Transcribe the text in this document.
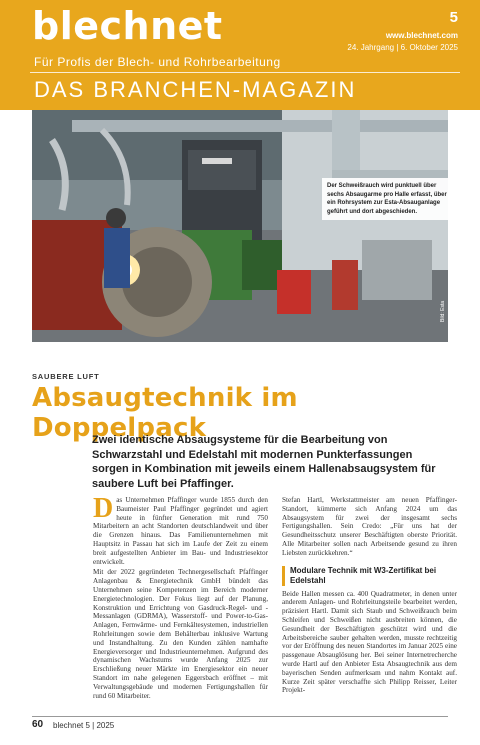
blechnet
Für Profis der Blech- und Rohrbearbeitung
DAS BRANCHEN-MAGAZIN
5
www.blechnet.com
24. Jahrgang | 6. Oktober 2025
Der Schweißrauch wird punktuell über sechs Absaugarme pro Halle erfasst, über ein Rohrsystem zur Esta-Absauganlage geführt und dort abgeschieden.
Bild: Esta
SAUBERE LUFT
Absaugtechnik im Doppelpack
Zwei identische Absaugsysteme für die Bearbeitung von Schwarzstahl und Edelstahl mit modernen Punkterfassungen sorgen in Kombination mit jeweils einem Hallenabsaugsystem für saubere Luft bei Pfaffinger.

Das Unternehmen Pfaffinger wurde 1855 durch den Baumeister Paul Pfaffinger gegründet und agiert heute in fünfter Generation mit rund 750 Mitarbeitern an acht Standorten deutschlandweit und über die Grenzen hinaus. Das Familienunternehmen mit Hauptsitz in Passau hat sich im Laufe der Zeit zu einem breit aufgestellten Anbieter im Bau- und Industriesektor entwickelt.

Mit der 2022 gegründeten Technergesellschaft Pfaffinger Anlagenbau & Energietechnik GmbH bündelt das Unternehmen seine Kompetenzen im Bereich moderner Energietechnologien. Der Fokus liegt auf der Planung, Konstruktion und Errichtung von Gasdruck-Regel- und -Messanlagen (GDRMA), Wasserstoff- und Power-to-Gas-Anlagen, Fernwärme- und Fernkältesystemen, industriellen Rohrleitungen sowie dem Behälterbau inklusive Wartung und Instandhaltung. Zu den Kunden zählen namhafte Energieversorger und Industrieunternehmen. Aufgrund des dynamischen Wachstums wurde Anfang 2025 zur Erschließung neuer Märkte im Energiesektor ein neuer Standort im nahe gelegenen Eggersbach eröffnet – mit Verwaltungsgebäude und modernen Fertigungshallen für rund 60 Mitarbeiter.

Stefan Hartl, Werkstattmeister am neuen Pfaffinger-Standort, kümmerte sich Anfang 2024 um das Absaugsystem für zwei der insgesamt sechs Fertigungshallen. Sein Credo: „Für uns hat der Gesundheitsschutz unserer Beschäftigten oberste Priorität. Alle Mitarbeiter sollen nach Arbeitsende gesund zu ihren Liebsten zurückkehren.“

Modulare Technik mit W3-Zertifikat bei Edelstahl

Beide Hallen messen ca. 400 Quadratmeter, in denen unter anderem Anlagen- und Rohrleitungsteile bearbeitet werden, präzisiert Hartl. Damit sich Staub und Schweißrauch beim Schleifen und Schweißen nicht ausbreiten können, die Gesundheit der Beschäftigten geschützt wird und die Arbeitsbereiche sauber gehalten werden, musste rechtzeitig vor der Eröffnung des neuen Standortes im Januar 2025 eine passgenaue Absauglösung her. Bei seiner Internetrecherche wurde Hartl auf den Anbieter Esta Absaugtechnik aus dem bayerischen Senden aufmerksam und nahm Kontakt auf. Kurze Zeit später verschaffte sich Philipp Reisser, Leiter Projekt-

60 blechnet 5 | 2025
